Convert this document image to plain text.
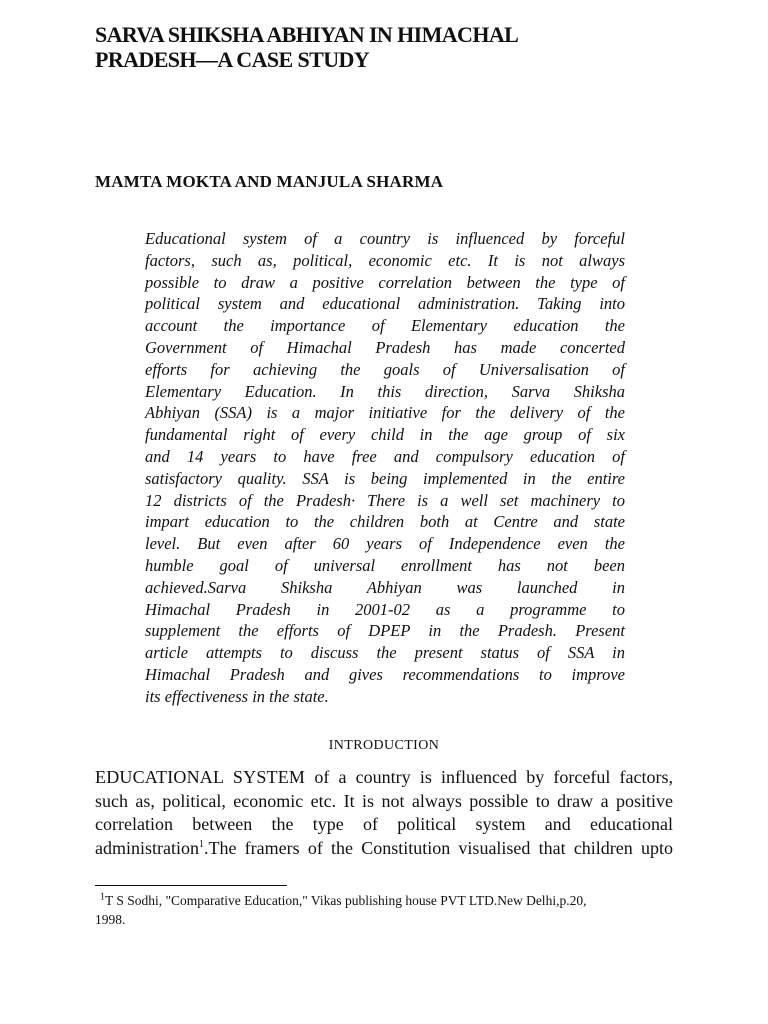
SARVA SHIKSHA ABHIYAN IN HIMACHAL
PRADESH—A CASE STUDY

MAMTA MOKTA AND MANJULA SHARMA

Educational system of a country is influenced by forceful
factors, such as, political, economic etc. It is not always
possible to draw a positive correlation between the type of
political system and educational administration. Taking into
account the importance of Elementary education the
Government of Himachal Pradesh has made concerted
efforts for achieving the goals of Universalisation of
Elementary Education. In this direction, Sarva Shiksha
Abhiyan (SSA) is a major initiative for the delivery of the
fundamental right of every child in the age group of six
and 14 years to have free and compulsory education of
satisfactory quality. SSA is being implemented in the entire
12 districts of the Pradesh· There is a well set machinery to
impart education to the children both at Centre and state
level. But even after 60 years of Independence even the
humble goal of universal enrollment has not been
achieved.Sarva Shiksha Abhiyan was launched in
Himachal Pradesh in 2001-02 as a programme to
supplement the efforts of DPEP in the Pradesh. Present
article attempts to discuss the present status of SSA in
Himachal Pradesh and gives recommendations to improve
its effectiveness in the state.
INTRODUCTION
EDUCATIONAL SYSTEM of a country is influenced by forceful factors,
such as, political, economic etc. It is not always possible to draw a positive
correlation between the type of political system and educational
administration$^1$.The framers of the Constitution visualised that children upto
$^1$T S Sodhi, "Comparative Education," Vikas publishing house PVT LTD.New Delhi,p.20,
1998.
